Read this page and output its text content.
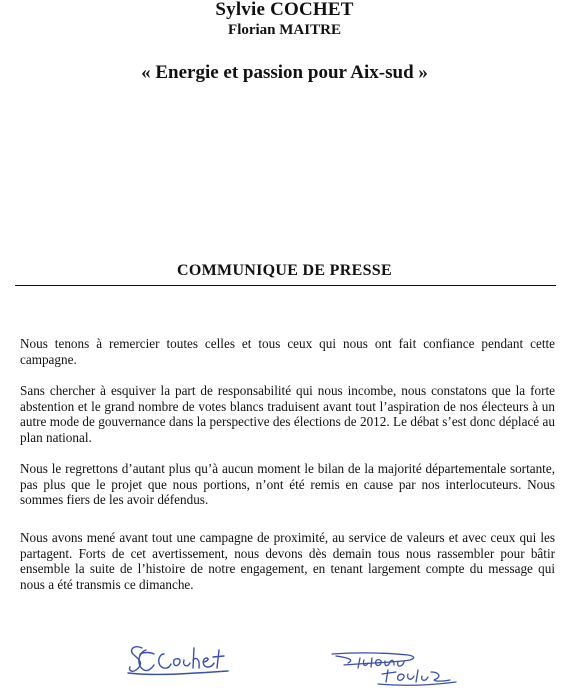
Sylvie COCHET
Florian MAITRE
« Energie et passion pour Aix-sud »
COMMUNIQUE DE PRESSE

Nous tenons à remercier toutes celles et tous ceux qui nous ont fait confiance pendant cette campagne.

Sans chercher à esquiver la part de responsabilité qui nous incombe, nous constatons que la forte abstention et le grand nombre de votes blancs traduisent avant tout l’aspiration de nos électeurs à un autre mode de gouvernance dans la perspective des élections de 2012. Le débat s’est donc déplacé au plan national.

Nous le regrettons d’autant plus qu’à aucun moment le bilan de la majorité départementale sortante, pas plus que le projet que nous portions, n’ont été remis en cause par nos interlocuteurs. Nous sommes fiers de les avoir défendus.

Nous avons mené avant tout une campagne de proximité, au service de valeurs et avec ceux qui les partagent. Forts de cet avertissement, nous devons dès demain tous nous rassembler pour bâtir ensemble la suite de l’histoire de notre engagement, en tenant largement compte du message qui nous a été transmis ce dimanche.
